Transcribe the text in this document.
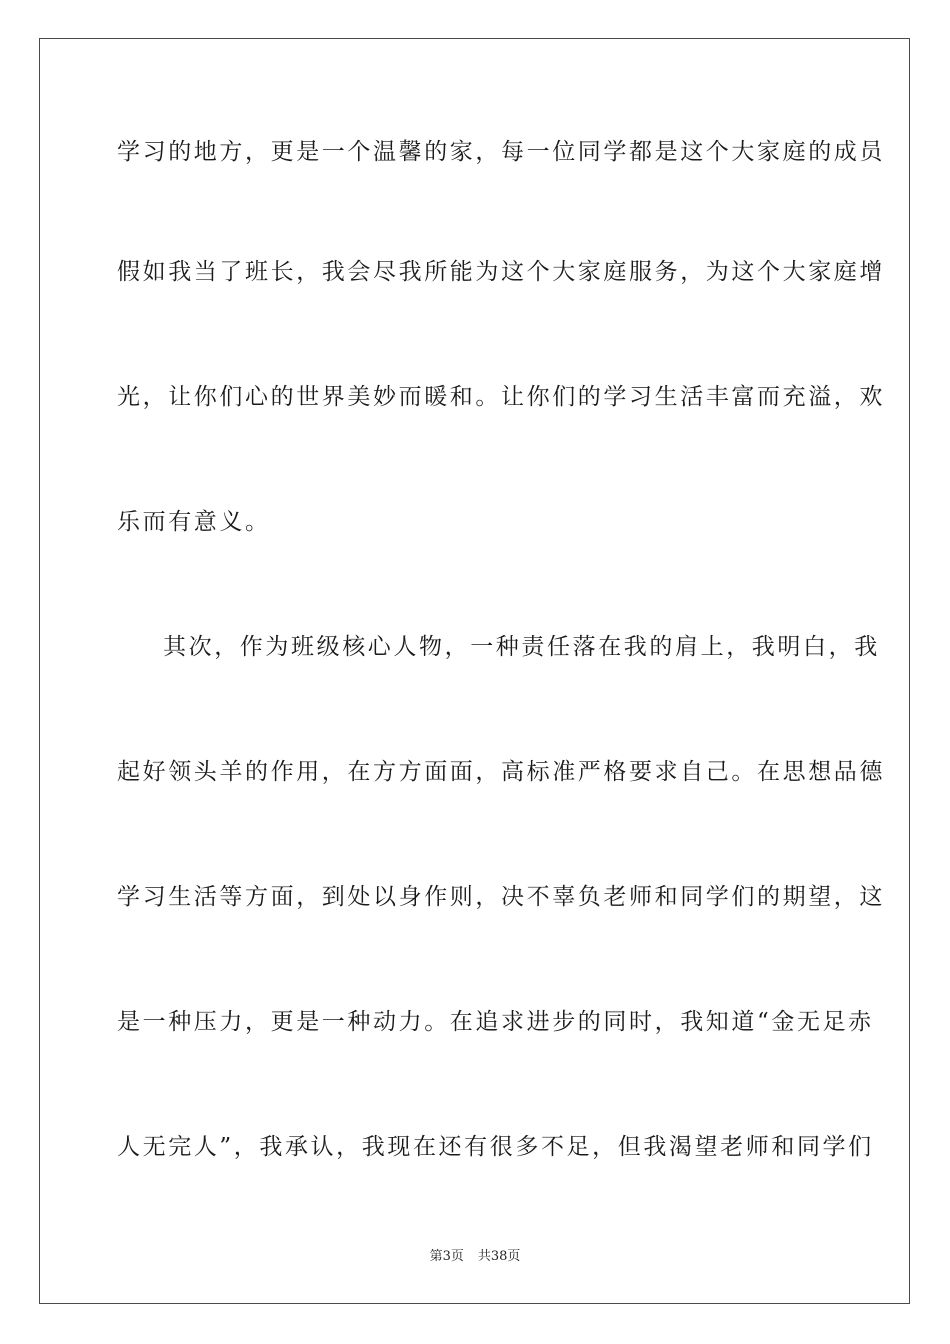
学习的地方，更是一个温馨的家，每一位同学都是这个大家庭的成员
假如我当了班长，我会尽我所能为这个大家庭服务，为这个大家庭增
光，让你们心的世界美妙而暖和。让你们的学习生活丰富而充溢，欢
乐而有意义。
其次，作为班级核心人物，一种责任落在我的肩上，我明白，我
起好领头羊的作用，在方方面面，高标准严格要求自己。在思想品德
学习生活等方面，到处以身作则，决不辜负老师和同学们的期望，这
是一种压力，更是一种动力。在追求进步的同时，我知道“金无足赤
人无完人”，我承认，我现在还有很多不足，但我渴望老师和同学们
第3页 共38页
